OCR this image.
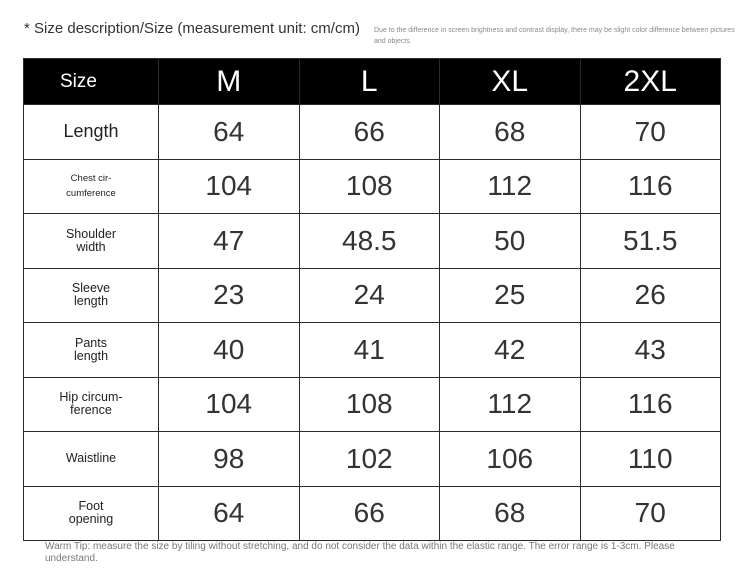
* Size description/Size (measurement unit: cm/cm) Due to the difference in screen brightness and contrast display, there may be slight color difference between pictures and objects.
Size	M	L	XL	2XL
Length	64	66	68	70
Chest cir-
cumference	104	108	112	116
Shoulder
width	47	48.5	50	51.5
Sleeve
length	23	24	25	26
Pants
length	40	41	42	43
Hip circum-
ference	104	108	112	116
Waistline	98	102	106	110
Foot
opening	64	66	68	70
Warm Tip: measure the size by tiling without stretching, and do not consider the data within the elastic range. The error range is 1-3cm. Please understand.
